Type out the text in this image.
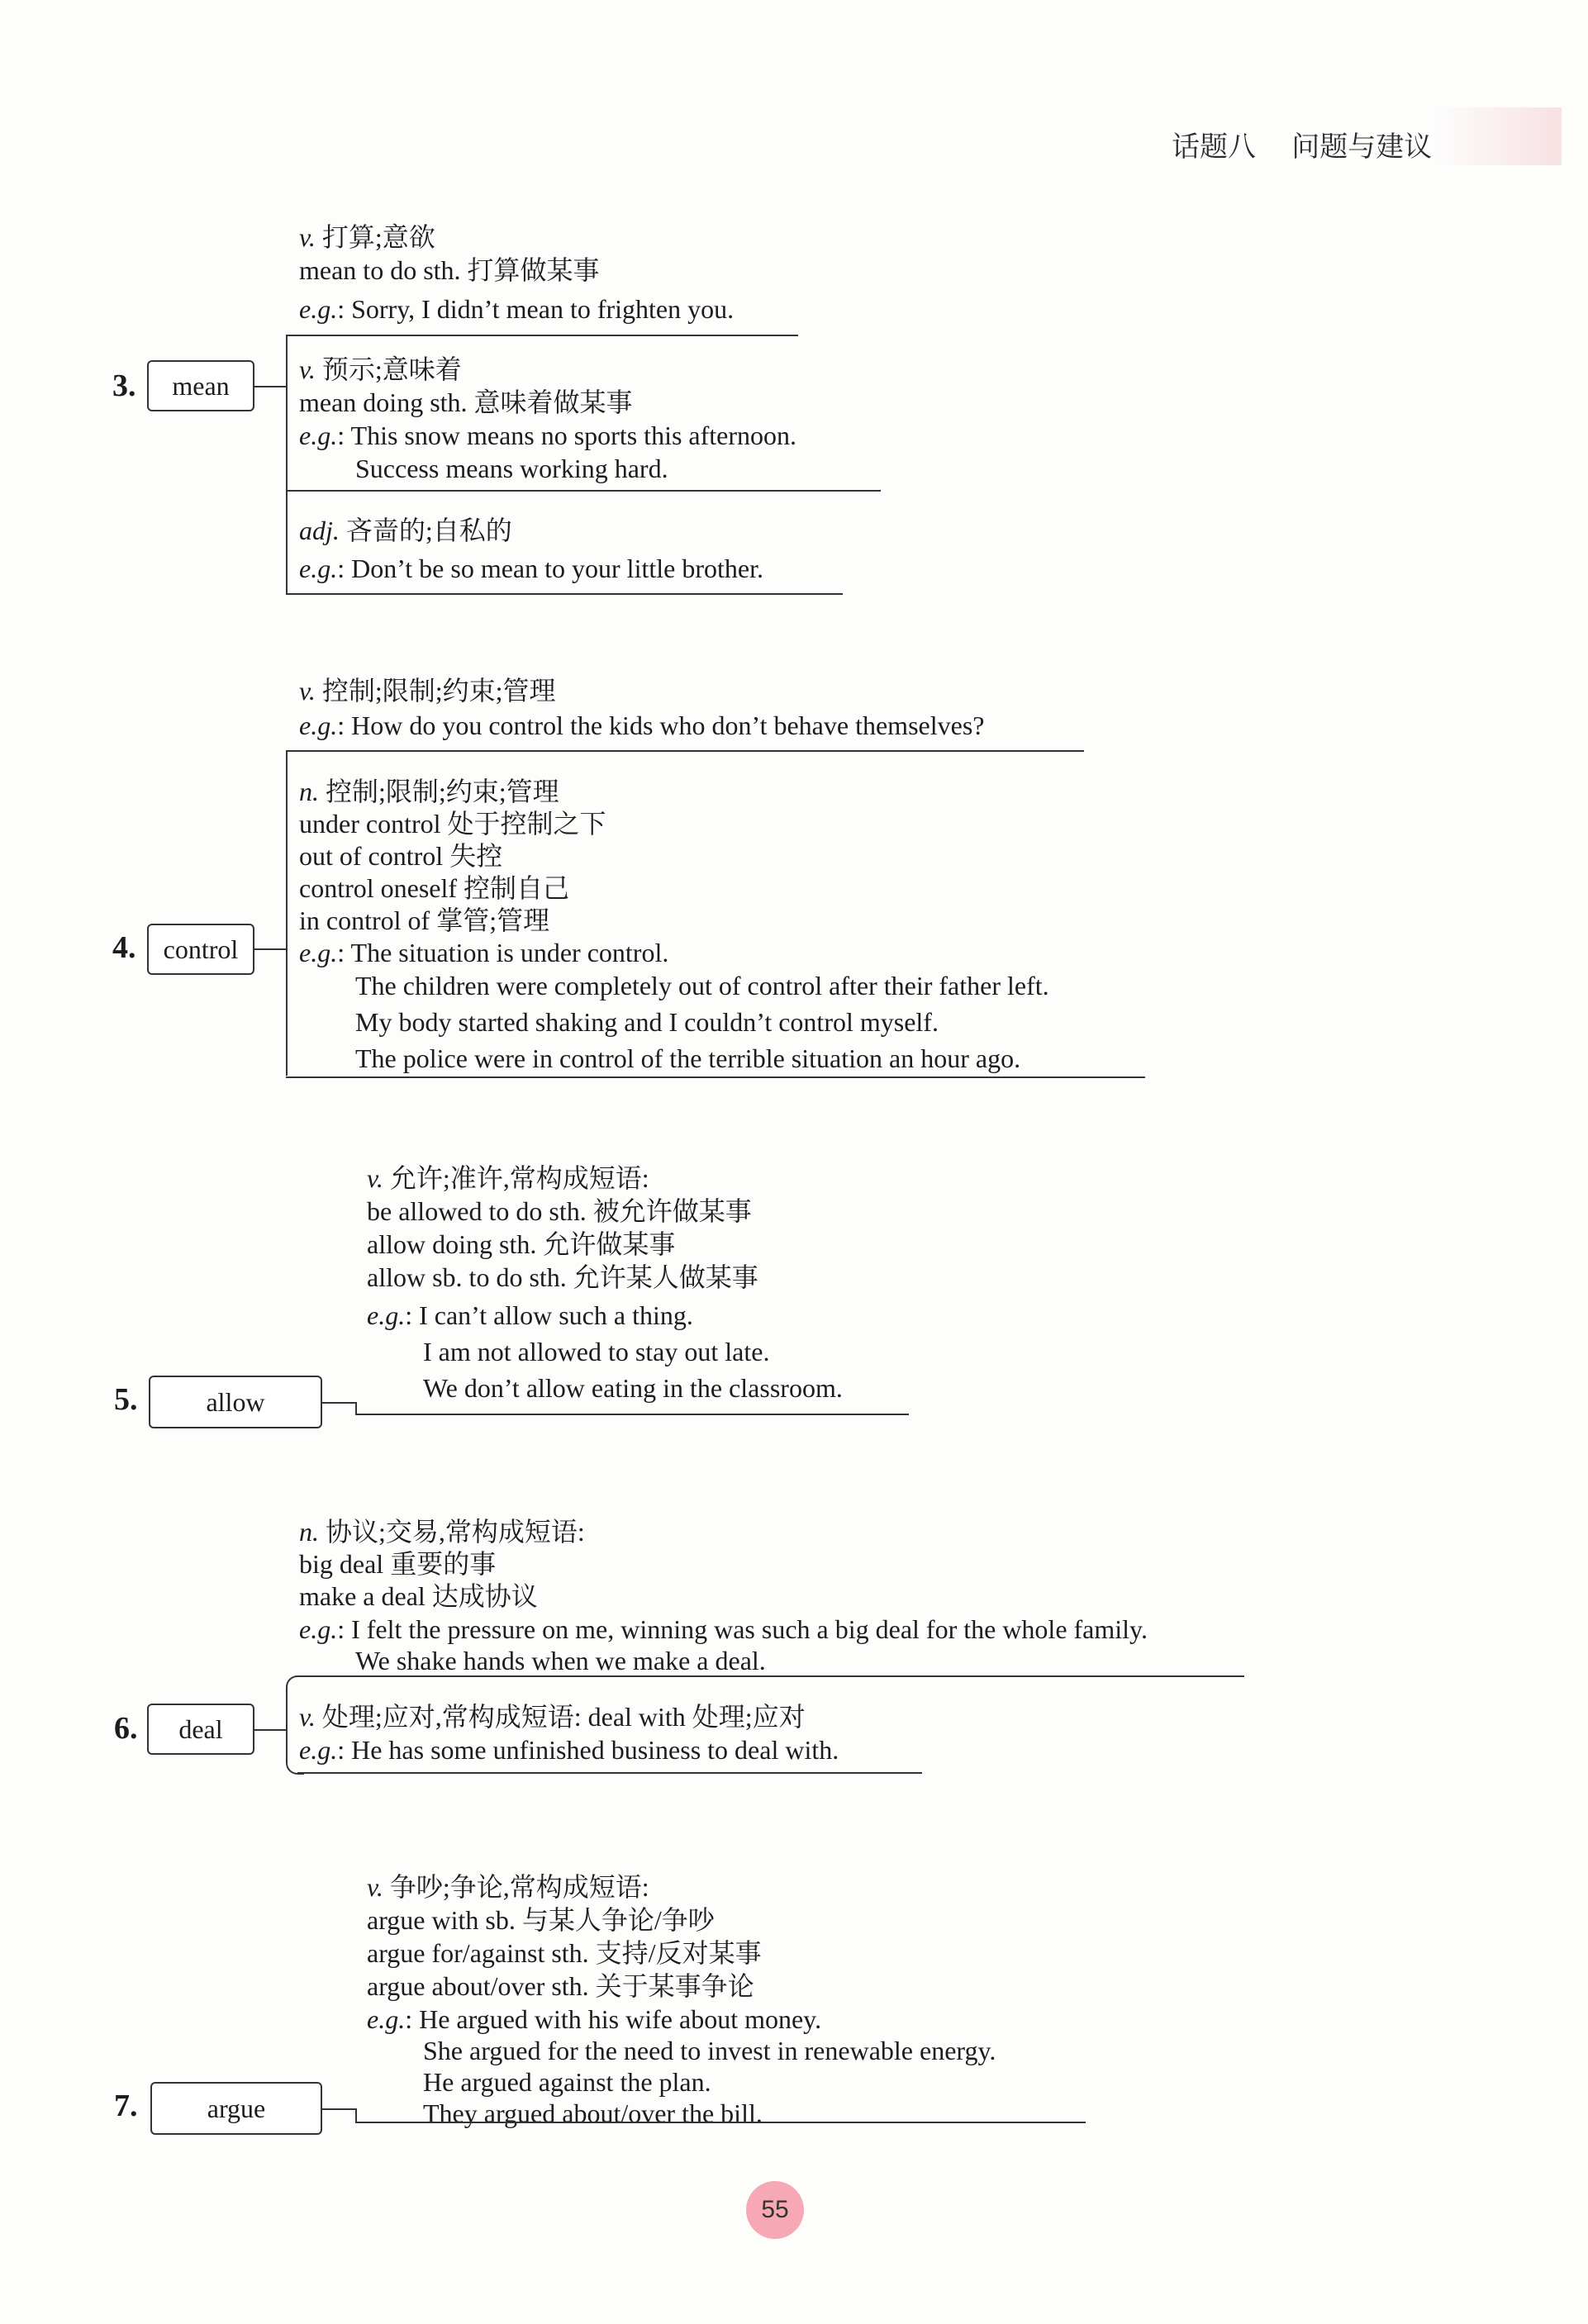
话题八    问题与建议
3.	mean
v. 打算;意欲
mean to do sth. 打算做某事
e.g.: Sorry, I didn’t mean to frighten you.
v. 预示;意味着
mean doing sth. 意味着做某事
e.g.: This snow means no sports this afternoon.
Success means working hard.
adj. 吝啬的;自私的
e.g.: Don’t be so mean to your little brother.
4.	control
v. 控制;限制;约束;管理
e.g.: How do you control the kids who don’t behave themselves?
n. 控制;限制;约束;管理
under control 处于控制之下
out of control 失控
control oneself 控制自己
in control of 掌管;管理
e.g.: The situation is under control.
The children were completely out of control after their father left.
My body started shaking and I couldn’t control myself.
The police were in control of the terrible situation an hour ago.
5.	allow
v. 允许;准许,常构成短语:
be allowed to do sth. 被允许做某事
allow doing sth. 允许做某事
allow sb. to do sth. 允许某人做某事
e.g.: I can’t allow such a thing.
I am not allowed to stay out late.
We don’t allow eating in the classroom.
6.	deal
n. 协议;交易,常构成短语:
big deal 重要的事
make a deal 达成协议
e.g.: I felt the pressure on me, winning was such a big deal for the whole family.
We shake hands when we make a deal.
v. 处理;应对,常构成短语: deal with 处理;应对
e.g.: He has some unfinished business to deal with.
7.	argue
v. 争吵;争论,常构成短语:
argue with sb. 与某人争论/争吵
argue for/against sth. 支持/反对某事
argue about/over sth. 关于某事争论
e.g.: He argued with his wife about money.
She argued for the need to invest in renewable energy.
He argued against the plan.
They argued about/over the bill.
55
